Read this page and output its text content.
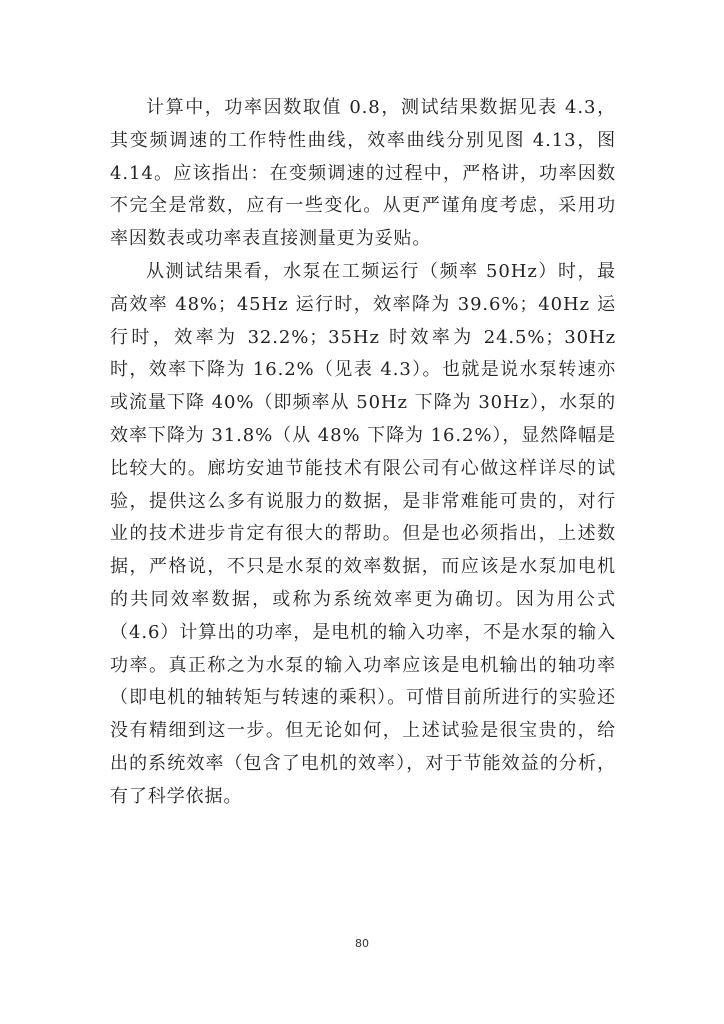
计算中，功率因数取值 0.8，测试结果数据见表 4.3，其变频调速的工作特性曲线，效率曲线分别见图 4.13，图 4.14。应该指出：在变频调速的过程中，严格讲，功率因数不完全是常数，应有一些变化。从更严谨角度考虑，采用功率因数表或功率表直接测量更为妥贴。

从测试结果看，水泵在工频运行（频率 50Hz）时，最高效率 48%；45Hz 运行时，效率降为 39.6%；40Hz 运行时，效率为 32.2%；35Hz 时效率为 24.5%；30Hz 时，效率下降为 16.2%（见表 4.3）。也就是说水泵转速亦或流量下降 40%（即频率从 50Hz 下降为 30Hz），水泵的效率下降为 31.8%（从 48% 下降为 16.2%），显然降幅是比较大的。廊坊安迪节能技术有限公司有心做这样详尽的试验，提供这么多有说服力的数据，是非常难能可贵的，对行业的技术进步肯定有很大的帮助。但是也必须指出，上述数据，严格说，不只是水泵的效率数据，而应该是水泵加电机的共同效率数据，或称为系统效率更为确切。因为用公式（4.6）计算出的功率，是电机的输入功率，不是水泵的输入功率。真正称之为水泵的输入功率应该是电机输出的轴功率（即电机的轴转矩与转速的乘积）。可惜目前所进行的实验还没有精细到这一步。但无论如何，上述试验是很宝贵的，给出的系统效率（包含了电机的效率），对于节能效益的分析，有了科学依据。

80
